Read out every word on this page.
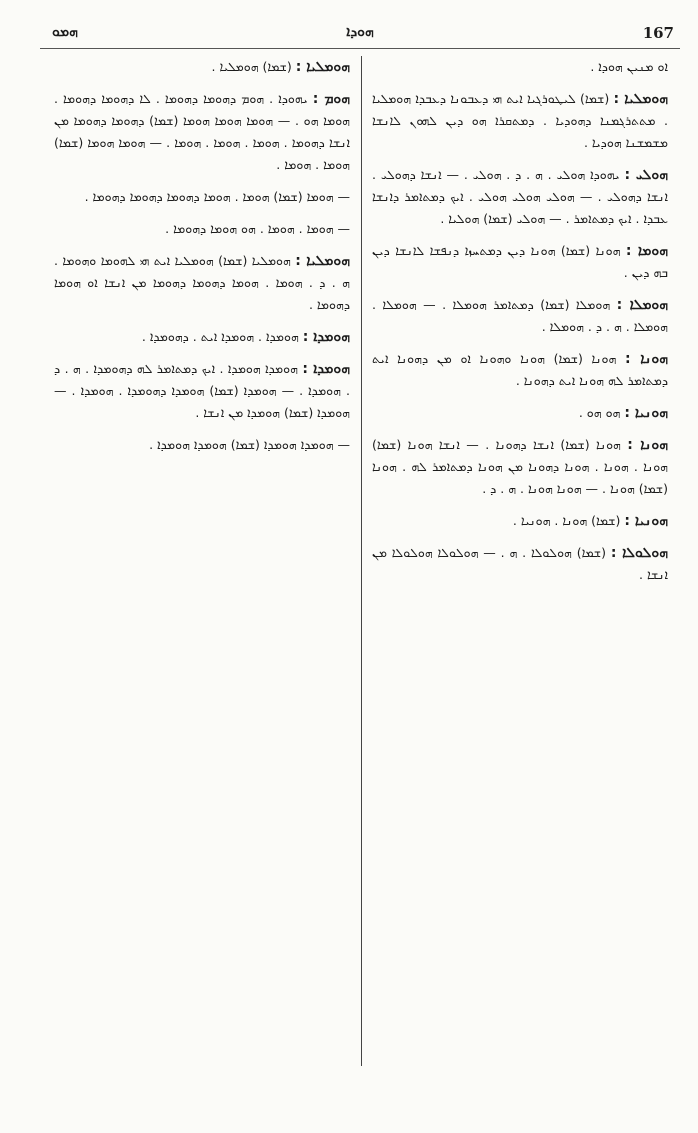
ܗܡܘ	ܗܘܕܐ	167
ܐܘ ܡܢܝܢ ܗܘܕܐ .
ܗܘܡܠܝܐ : (ܫܡܐ) ܠܝܛܘܪܓܝܐ ܐܝܬ ܗܝ ܕܥܒܘܢܐ ܕܥܒܕܐ ܗܘܡܠܝܐ . ܡܬܬܪܓܡܢܐ ܕܗܘܕܝܐ . ܕܡܬܩܪܐ ܗܘ ܕܝܢ ܠܗܘܢ ܠܐܢܫܐ ܡܫܡܫܢܐ ܗܘܕܝܐ .
ܗܘܠܝ : ܝܗܘܕܐ ܗܘܠܝ . ܗ . ܕ . ܗܘܠܝ . — ܐܢܫܐ ܕܗܘܠܝ . ܐܢܫܐ ܕܗܘܠܝ . — ܗܘܠܝ ܗܘܠܝ ܗܘܠܝ . ܐܝܟ ܕܡܬܐܡܪ ܕܐܢܫܐ ܥܒܕܐ . ܐܝܟ ܕܡܬܐܡܪ . — ܗܘܠܝ (ܫܡܐ) ܗܘܠܝܐ .
ܗܘܡܐ : ܗܘܢܐ (ܫܡܐ) ܗܘܢܐ ܕܝܢ ܕܡܬܚܙܐ ܕܢܦܫܐ ܠܐܢܫܐ ܕܝܢ ܒܗ ܕܝܢ .
ܗܘܡܠܐ : ܗܘܡܠܐ (ܫܡܐ) ܕܡܬܐܡܪ ܗܘܡܠܐ . — ܗܘܡܠܐ . ܗܘܡܠܐ . ܗ . ܕ . ܗܘܡܠܐ .
ܗܘܢܐ : ܗܘܢܐ (ܫܡܐ) ܗܘܢܐ ܘܗܘܢܐ ܐܘ ܡܢ ܕܗܘܢܐ ܐܝܬ ܕܡܬܐܡܪ ܠܗ ܗܘܢܐ ܐܝܬ ܕܗܘܢܐ .
ܗܘܢܝܐ : ܗܘ ܗܘ .
ܗܘܢܐ : ܗܘܢܐ (ܫܡܐ) ܐܢܫܐ ܕܗܘܢܐ . — ܐܢܫܐ ܗܘܢܐ (ܫܡܐ) ܗܘܢܐ . ܗܘܢܐ . ܗܘܢܐ ܕܗܘܢܐ ܡܢ ܗܘܢܐ ܕܡܬܐܡܪ ܠܗ . ܗܘܢܐ (ܫܡܐ) ܗܘܢܐ . — ܗܘܢܐ ܗܘܢܐ . ܗ . ܕ .
ܗܘܢܝܐ : (ܫܡܐ) ܗܘܢܐ . ܗܘܢܝܐ .
ܗܘܠܘܠܐ : (ܫܡܐ) ܗܘܠܘܠܐ . ܗ . — ܗܘܠܘܠܐ ܗܘܠܘܠܐ ܡܢ ܐܢܫܐ .
ܗܘܡܠܝܐ : (ܫܡܐ) ܗܘܡܠܝܐ .
ܗܘܡ : ܝܗܘܕܐ . ܗܘܡ ܕܗܘܡܐ ܕܗܘܡܐ . ܠܐ ܕܗܘܡܐ ܕܗܘܡܐ . ܗܘܡܐ ܗܘ . — ܗܘܡܐ ܗܘܡܐ ܗܘܡܐ (ܫܡܐ) ܕܗܘܡܐ ܕܗܘܡܐ ܡܢ ܐܢܫܐ ܕܗܘܡܐ . ܗܘܡܐ . ܗܘܡܐ . ܗܘܡܐ . — ܗܘܡܐ ܗܘܡܐ (ܫܡܐ) ܗܘܡܐ . ܗܘܡܐ .
— ܗܘܡܐ (ܫܡܐ) ܗܘܡܐ . ܗܘܡܐ ܕܗܘܡܐ ܕܗܘܡܐ ܕܗܘܡܐ .
— ܗܘܡܐ . ܗܘܡܐ . ܗܘ ܗܘܡܐ ܕܗܘܡܐ .
ܗܘܡܠܝܐ : ܗܘܡܠܝܐ (ܫܡܐ) ܗܘܡܠܝܐ ܐܝܬ ܗܝ ܠܗܘܡܐ ܘܗܘܡܐ . ܗ . ܕ . ܗܘܡܐ . ܗܘܡܐ ܕܗܘܡܐ ܕܗܘܡܐ ܡܢ ܐܢܫܐ ܐܘ ܗܘܡܐ ܕܗܘܡܐ .
ܗܘܡܕܐ : ܗܘܡܕܐ . ܗܘܡܕܐ ܐܝܬ . ܕܗܘܡܕܐ .
ܗܘܡܕܐ : ܗܘܡܕܐ ܗܘܡܕܐ . ܐܝܟ ܕܡܬܐܡܪ ܠܗ ܕܗܘܡܕܐ . ܗ . ܕ . ܗܘܡܕܐ . — ܗܘܡܕܐ (ܫܡܐ) ܗܘܡܕܐ ܕܗܘܡܕܐ . ܗܘܡܕܐ . — ܗܘܡܕܐ (ܫܡܐ) ܗܘܡܕܐ ܡܢ ܐܢܫܐ .
— ܗܘܡܕܐ ܗܘܡܕܐ (ܫܡܐ) ܗܘܡܕܐ ܗܘܡܕܐ .
